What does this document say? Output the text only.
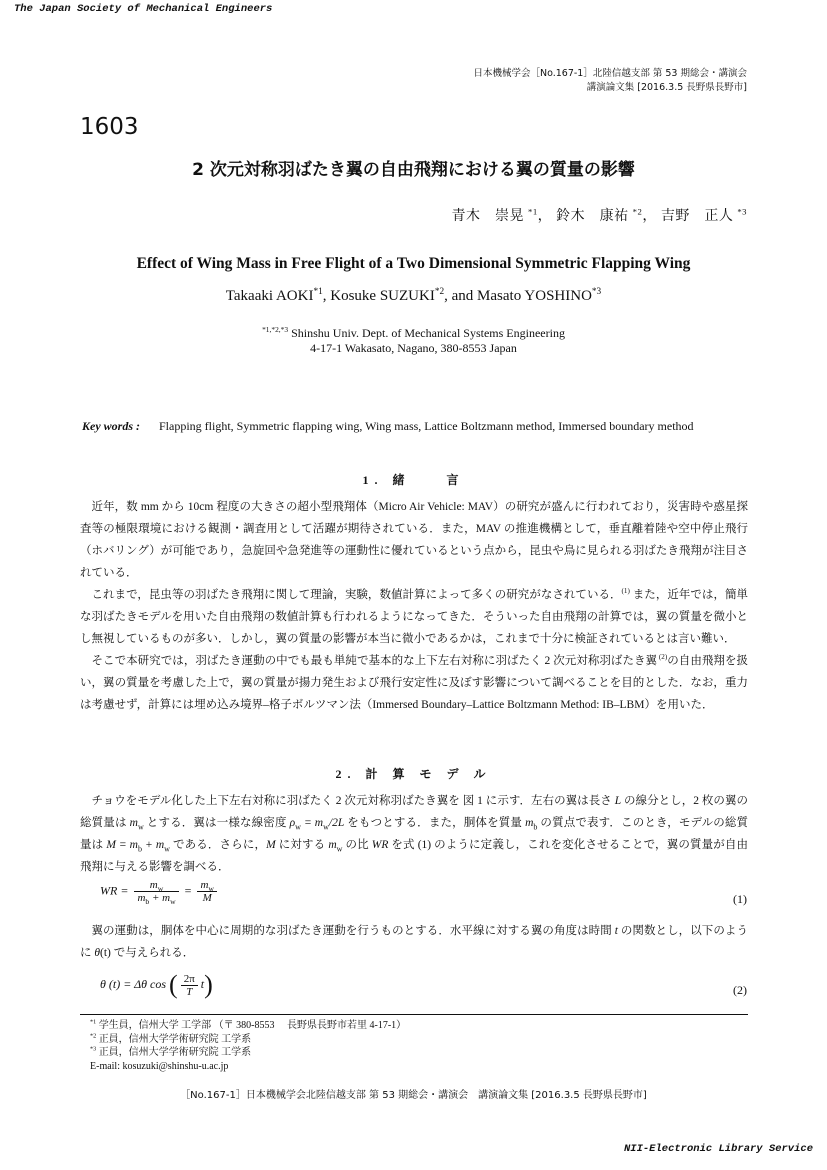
The Japan Society of Mechanical Engineers
日本機械学会［No.167-1］北陸信越支部 第 53 期総会・講演会
講演論文集 [2016.3.5 長野県長野市]
1603
2 次元対称羽ばたき翼の自由飛翔における翼の質量の影響
青木　崇晃 $^{*1}$， 鈴木　康祐 $^{*2}$， 吉野　正人 $^{*3}$
Effect of Wing Mass in Free Flight of a Two Dimensional Symmetric Flapping Wing
Takaaki AOKI$^{*1}$, Kosuke SUZUKI$^{*2}$, and Masato YOSHINO$^{*3}$
$^{*1,*2,*3}$ Shinshu Univ. Dept. of Mechanical Systems Engineering
4-17-1 Wakasato, Nagano, 380-8553 Japan
Key words : Flapping flight, Symmetric flapping wing, Wing mass, Lattice Boltzmann method, Immersed boundary method
1. 緒　　言

近年，数 mm から 10cm 程度の大きさの超小型飛翔体（Micro Air Vehicle: MAV）の研究が盛んに行われており，災害時や惑星探査等の極限環境における観測・調査用として活躍が期待されている．また，MAV の推進機構として，垂直離着陸や空中停止飛行（ホバリング）が可能であり，急旋回や急発進等の運動性に優れているという点から，昆虫や鳥に見られる羽ばたき飛翔が注目されている．

これまで，昆虫等の羽ばたき飛翔に関して理論，実験，数値計算によって多くの研究がなされている．$^{(1)}$ また，近年では，簡単な羽ばたきモデルを用いた自由飛翔の数値計算も行われるようになってきた．そういった自由飛翔の計算では，翼の質量を微小とし無視しているものが多い．しかし，翼の質量の影響が本当に微小であるかは，これまで十分に検証されているとは言い難い．

そこで本研究では，羽ばたき運動の中でも最も単純で基本的な上下左右対称に羽ばたく 2 次元対称羽ばたき翼 $^{(2)}$の自由飛翔を扱い，翼の質量を考慮した上で，翼の質量が揚力発生および飛行安定性に及ぼす影響について調べることを目的とした．なお，重力は考慮せず，計算には埋め込み境界–格子ボルツマン法（Immersed Boundary–Lattice Boltzmann Method: IB–LBM）を用いた．

2. 計 算 モ デ ル

チョウをモデル化した上下左右対称に羽ばたく 2 次元対称羽ばたき翼を 図 1 に示す．左右の翼は長さ L の線分とし，2 枚の翼の総質量は $m_w$ とする．翼は一様な線密度 $\rho_w = m_w/2L$ をもつとする．また，胴体を質量 $m_b$ の質点で表す．このとき，モデルの総質量は $M = m_b + m_w$ である．さらに，M に対する $m_w$ の比 WR を式 (1) のように定義し，これを変化させることで，翼の質量が自由飛翔に与える影響を調べる．

WR = $\frac{m_w}{m_b + m_w} = \frac{m_w}{M}$	(1)

翼の運動は，胴体を中心に周期的な羽ばたき運動を行うものとする．水平線に対する翼の角度は時間 t の関数とし，以下のように θ(t) で与えられる．

θ (t) = Δθ cos ( $\frac{2\pi}{T} t$)	(2)
$^{*1}$ 学生員，信州大学 工学部 （〒 380-8553　 長野県長野市若里 4-17-1）
$^{*2}$ 正員，信州大学学術研究院 工学系
$^{*3}$ 正員，信州大学学術研究院 工学系
E-mail: kosuzuki@shinshu-u.ac.jp
［No.167-1］日本機械学会北陸信越支部 第 53 期総会・講演会　講演論文集 [2016.3.5 長野県長野市]
NII-Electronic Library Service
